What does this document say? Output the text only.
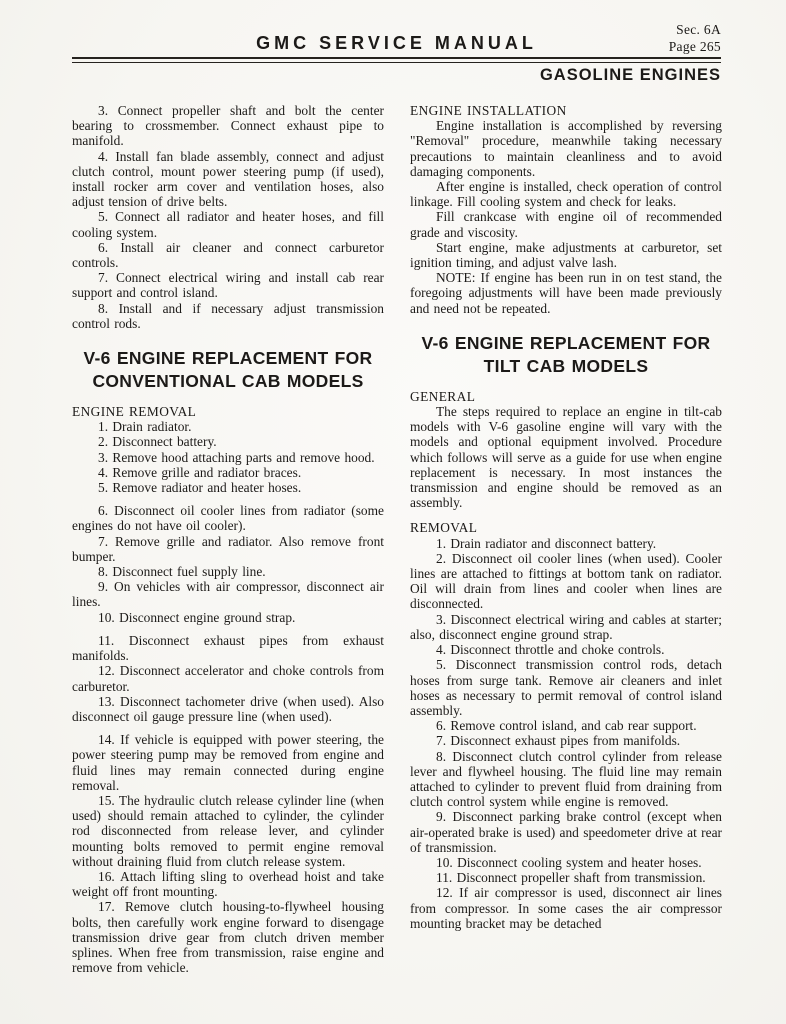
Sec. 6A
Page 265
GMC SERVICE MANUAL
GASOLINE ENGINES

3. Connect propeller shaft and bolt the center bearing to crossmember. Connect exhaust pipe to manifold.

4. Install fan blade assembly, connect and adjust clutch control, mount power steering pump (if used), install rocker arm cover and ventilation hoses, also adjust tension of drive belts.

5. Connect all radiator and heater hoses, and fill cooling system.

6. Install air cleaner and connect carburetor controls.

7. Connect electrical wiring and install cab rear support and control island.

8. Install and if necessary adjust transmission control rods.

V-6 ENGINE REPLACEMENT FOR
CONVENTIONAL CAB MODELS

ENGINE REMOVAL

1. Drain radiator.

2. Disconnect battery.

3. Remove hood attaching parts and remove hood.

4. Remove grille and radiator braces.

5. Remove radiator and heater hoses.

6. Disconnect oil cooler lines from radiator (some engines do not have oil cooler).

7. Remove grille and radiator. Also remove front bumper.

8. Disconnect fuel supply line.

9. On vehicles with air compressor, disconnect air lines.

10. Disconnect engine ground strap.

11. Disconnect exhaust pipes from exhaust manifolds.

12. Disconnect accelerator and choke controls from carburetor.

13. Disconnect tachometer drive (when used). Also disconnect oil gauge pressure line (when used).

14. If vehicle is equipped with power steering, the power steering pump may be removed from engine and fluid lines may remain connected during engine removal.

15. The hydraulic clutch release cylinder line (when used) should remain attached to cylinder, the cylinder rod disconnected from release lever, and cylinder mounting bolts removed to permit engine removal without draining fluid from clutch release system.

16. Attach lifting sling to overhead hoist and take weight off front mounting.

17. Remove clutch housing-to-flywheel housing bolts, then carefully work engine forward to disengage transmission drive gear from clutch driven member splines. When free from transmission, raise engine and remove from vehicle.

ENGINE INSTALLATION

Engine installation is accomplished by reversing "Removal" procedure, meanwhile taking necessary precautions to maintain cleanliness and to avoid damaging components.

After engine is installed, check operation of control linkage. Fill cooling system and check for leaks.

Fill crankcase with engine oil of recommended grade and viscosity.

Start engine, make adjustments at carburetor, set ignition timing, and adjust valve lash.

NOTE: If engine has been run in on test stand, the foregoing adjustments will have been made previously and need not be repeated.

V-6 ENGINE REPLACEMENT FOR
TILT CAB MODELS

GENERAL

The steps required to replace an engine in tilt-cab models with V-6 gasoline engine will vary with the models and optional equipment involved. Procedure which follows will serve as a guide for use when engine replacement is necessary. In most instances the transmission and engine should be removed as an assembly.

REMOVAL

1. Drain radiator and disconnect battery.

2. Disconnect oil cooler lines (when used). Cooler lines are attached to fittings at bottom tank on radiator. Oil will drain from lines and cooler when lines are disconnected.

3. Disconnect electrical wiring and cables at starter; also, disconnect engine ground strap.

4. Disconnect throttle and choke controls.

5. Disconnect transmission control rods, detach hoses from surge tank. Remove air cleaners and inlet hoses as necessary to permit removal of control island assembly.

6. Remove control island, and cab rear support.

7. Disconnect exhaust pipes from manifolds.

8. Disconnect clutch control cylinder from release lever and flywheel housing. The fluid line may remain attached to cylinder to prevent fluid from draining from clutch control system while engine is removed.

9. Disconnect parking brake control (except when air-operated brake is used) and speedometer drive at rear of transmission.

10. Disconnect cooling system and heater hoses.

11. Disconnect propeller shaft from transmission.

12. If air compressor is used, disconnect air lines from compressor. In some cases the air compressor mounting bracket may be detached
